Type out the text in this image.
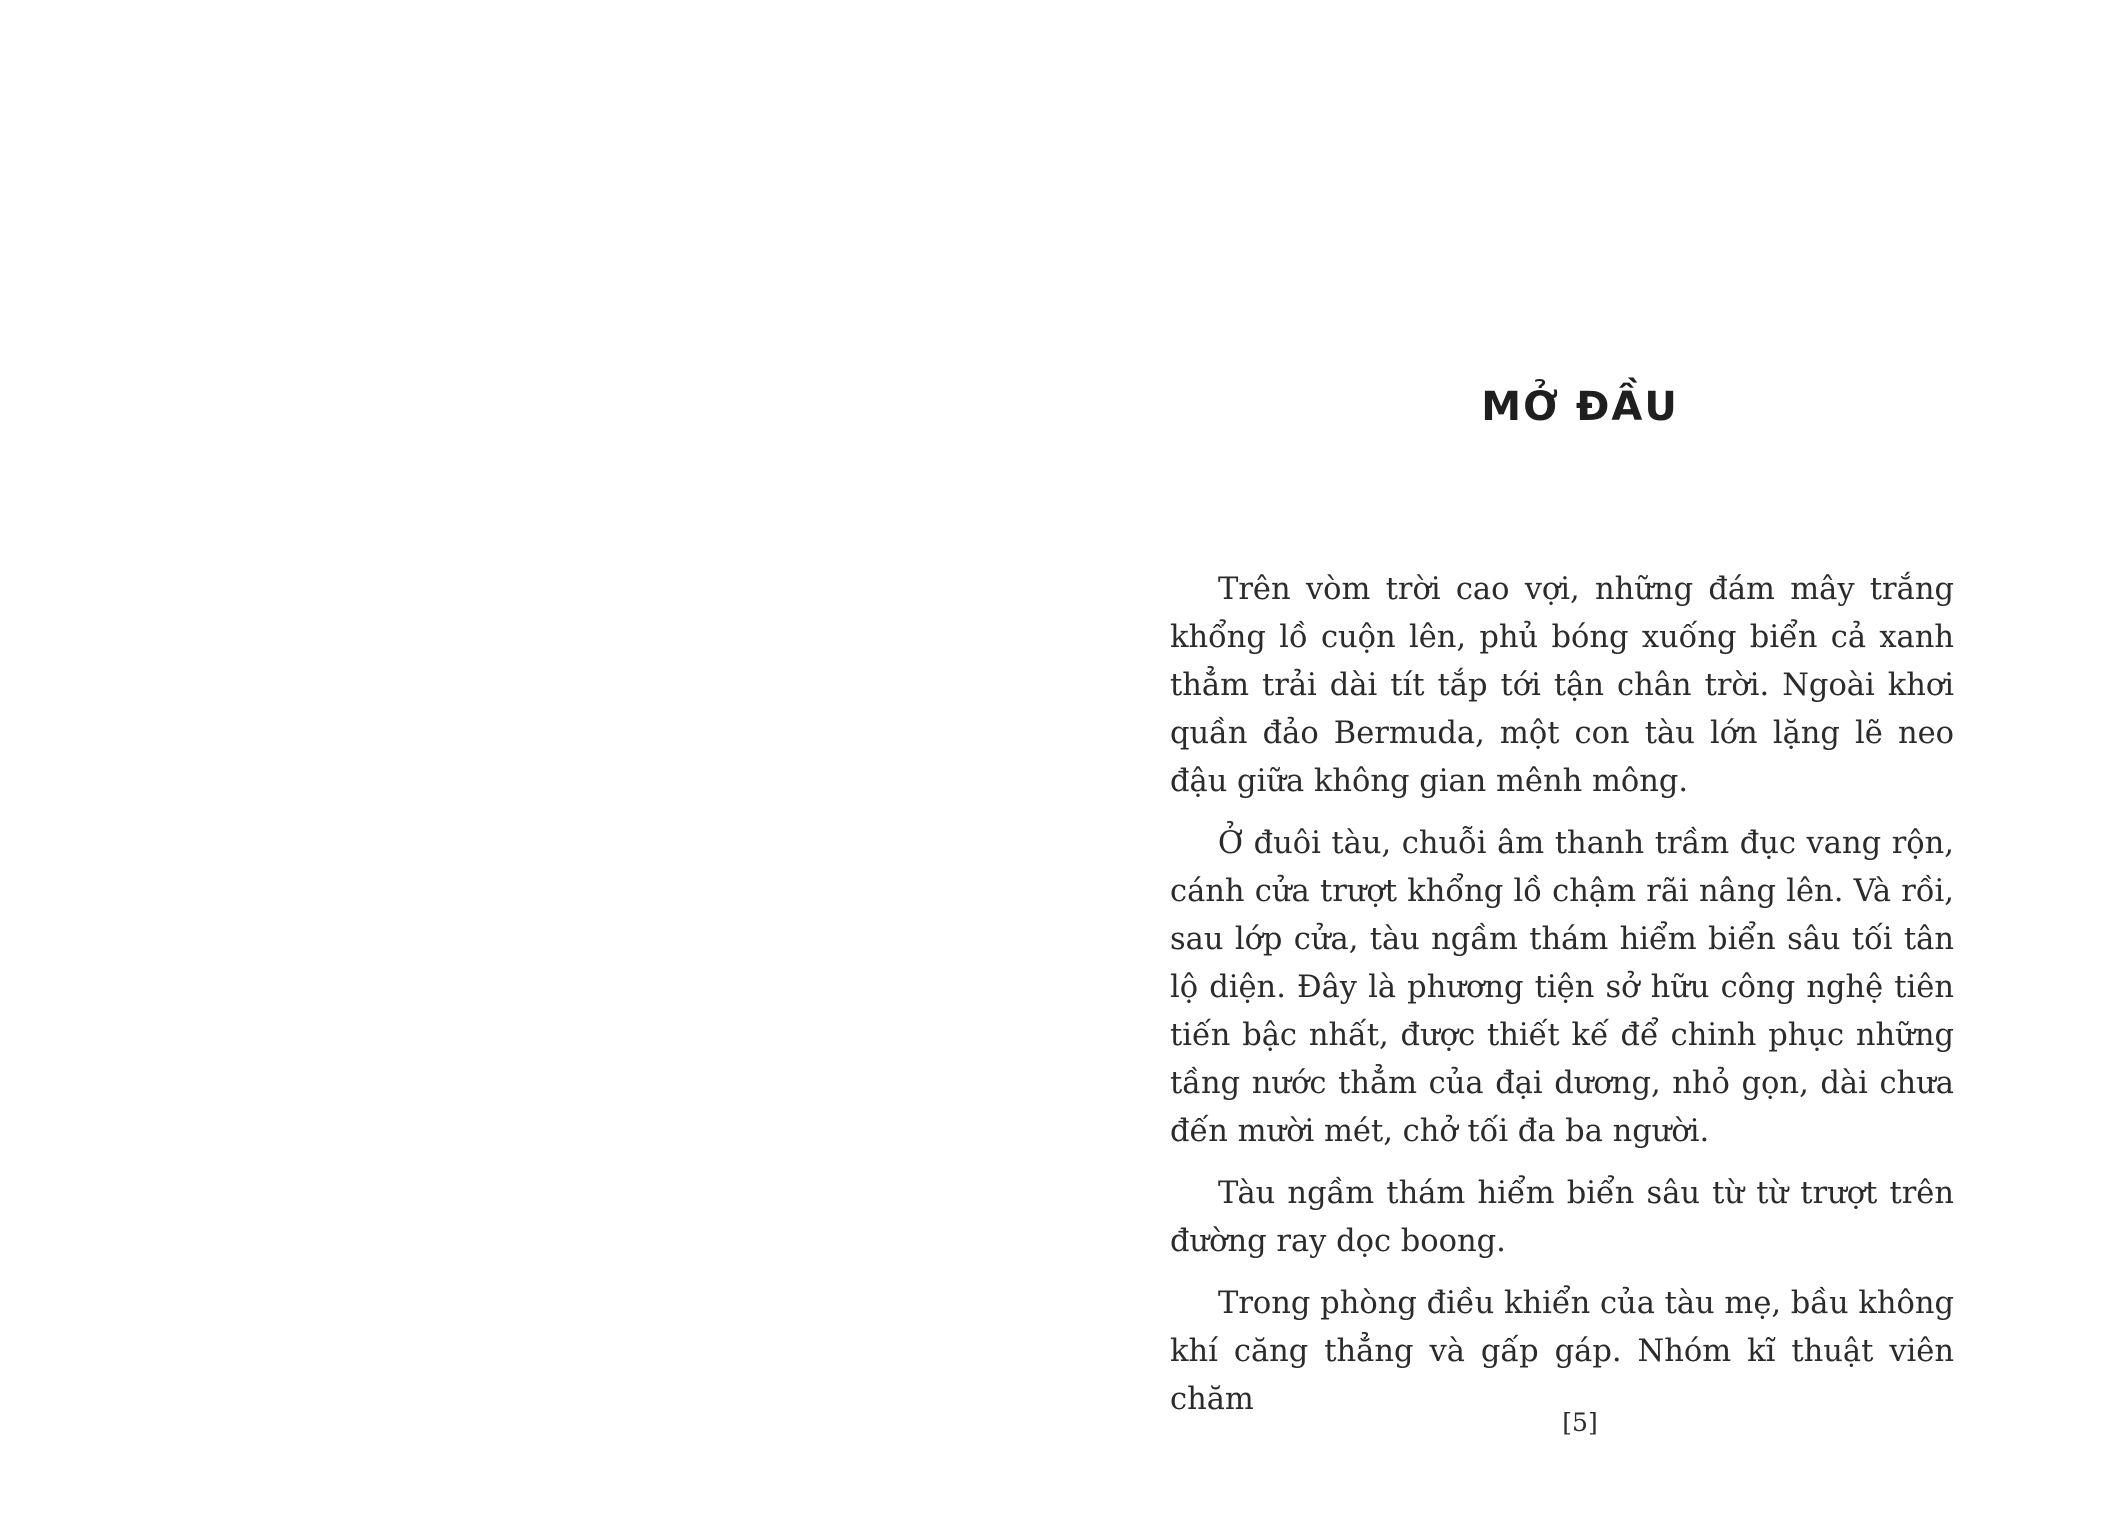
MỞ ĐẦU

Trên vòm trời cao vợi, những đám mây trắng khổng lồ cuộn lên, phủ bóng xuống biển cả xanh thẳm trải dài tít tắp tới tận chân trời. Ngoài khơi quần đảo Bermuda, một con tàu lớn lặng lẽ neo đậu giữa không gian mênh mông.

Ở đuôi tàu, chuỗi âm thanh trầm đục vang rộn, cánh cửa trượt khổng lồ chậm rãi nâng lên. Và rồi, sau lớp cửa, tàu ngầm thám hiểm biển sâu tối tân lộ diện. Đây là phương tiện sở hữu công nghệ tiên tiến bậc nhất, được thiết kế để chinh phục những tầng nước thẳm của đại dương, nhỏ gọn, dài chưa đến mười mét, chở tối đa ba người.

Tàu ngầm thám hiểm biển sâu từ từ trượt trên đường ray dọc boong.

Trong phòng điều khiển của tàu mẹ, bầu không khí căng thẳng và gấp gáp. Nhóm kĩ thuật viên chăm

[5]
